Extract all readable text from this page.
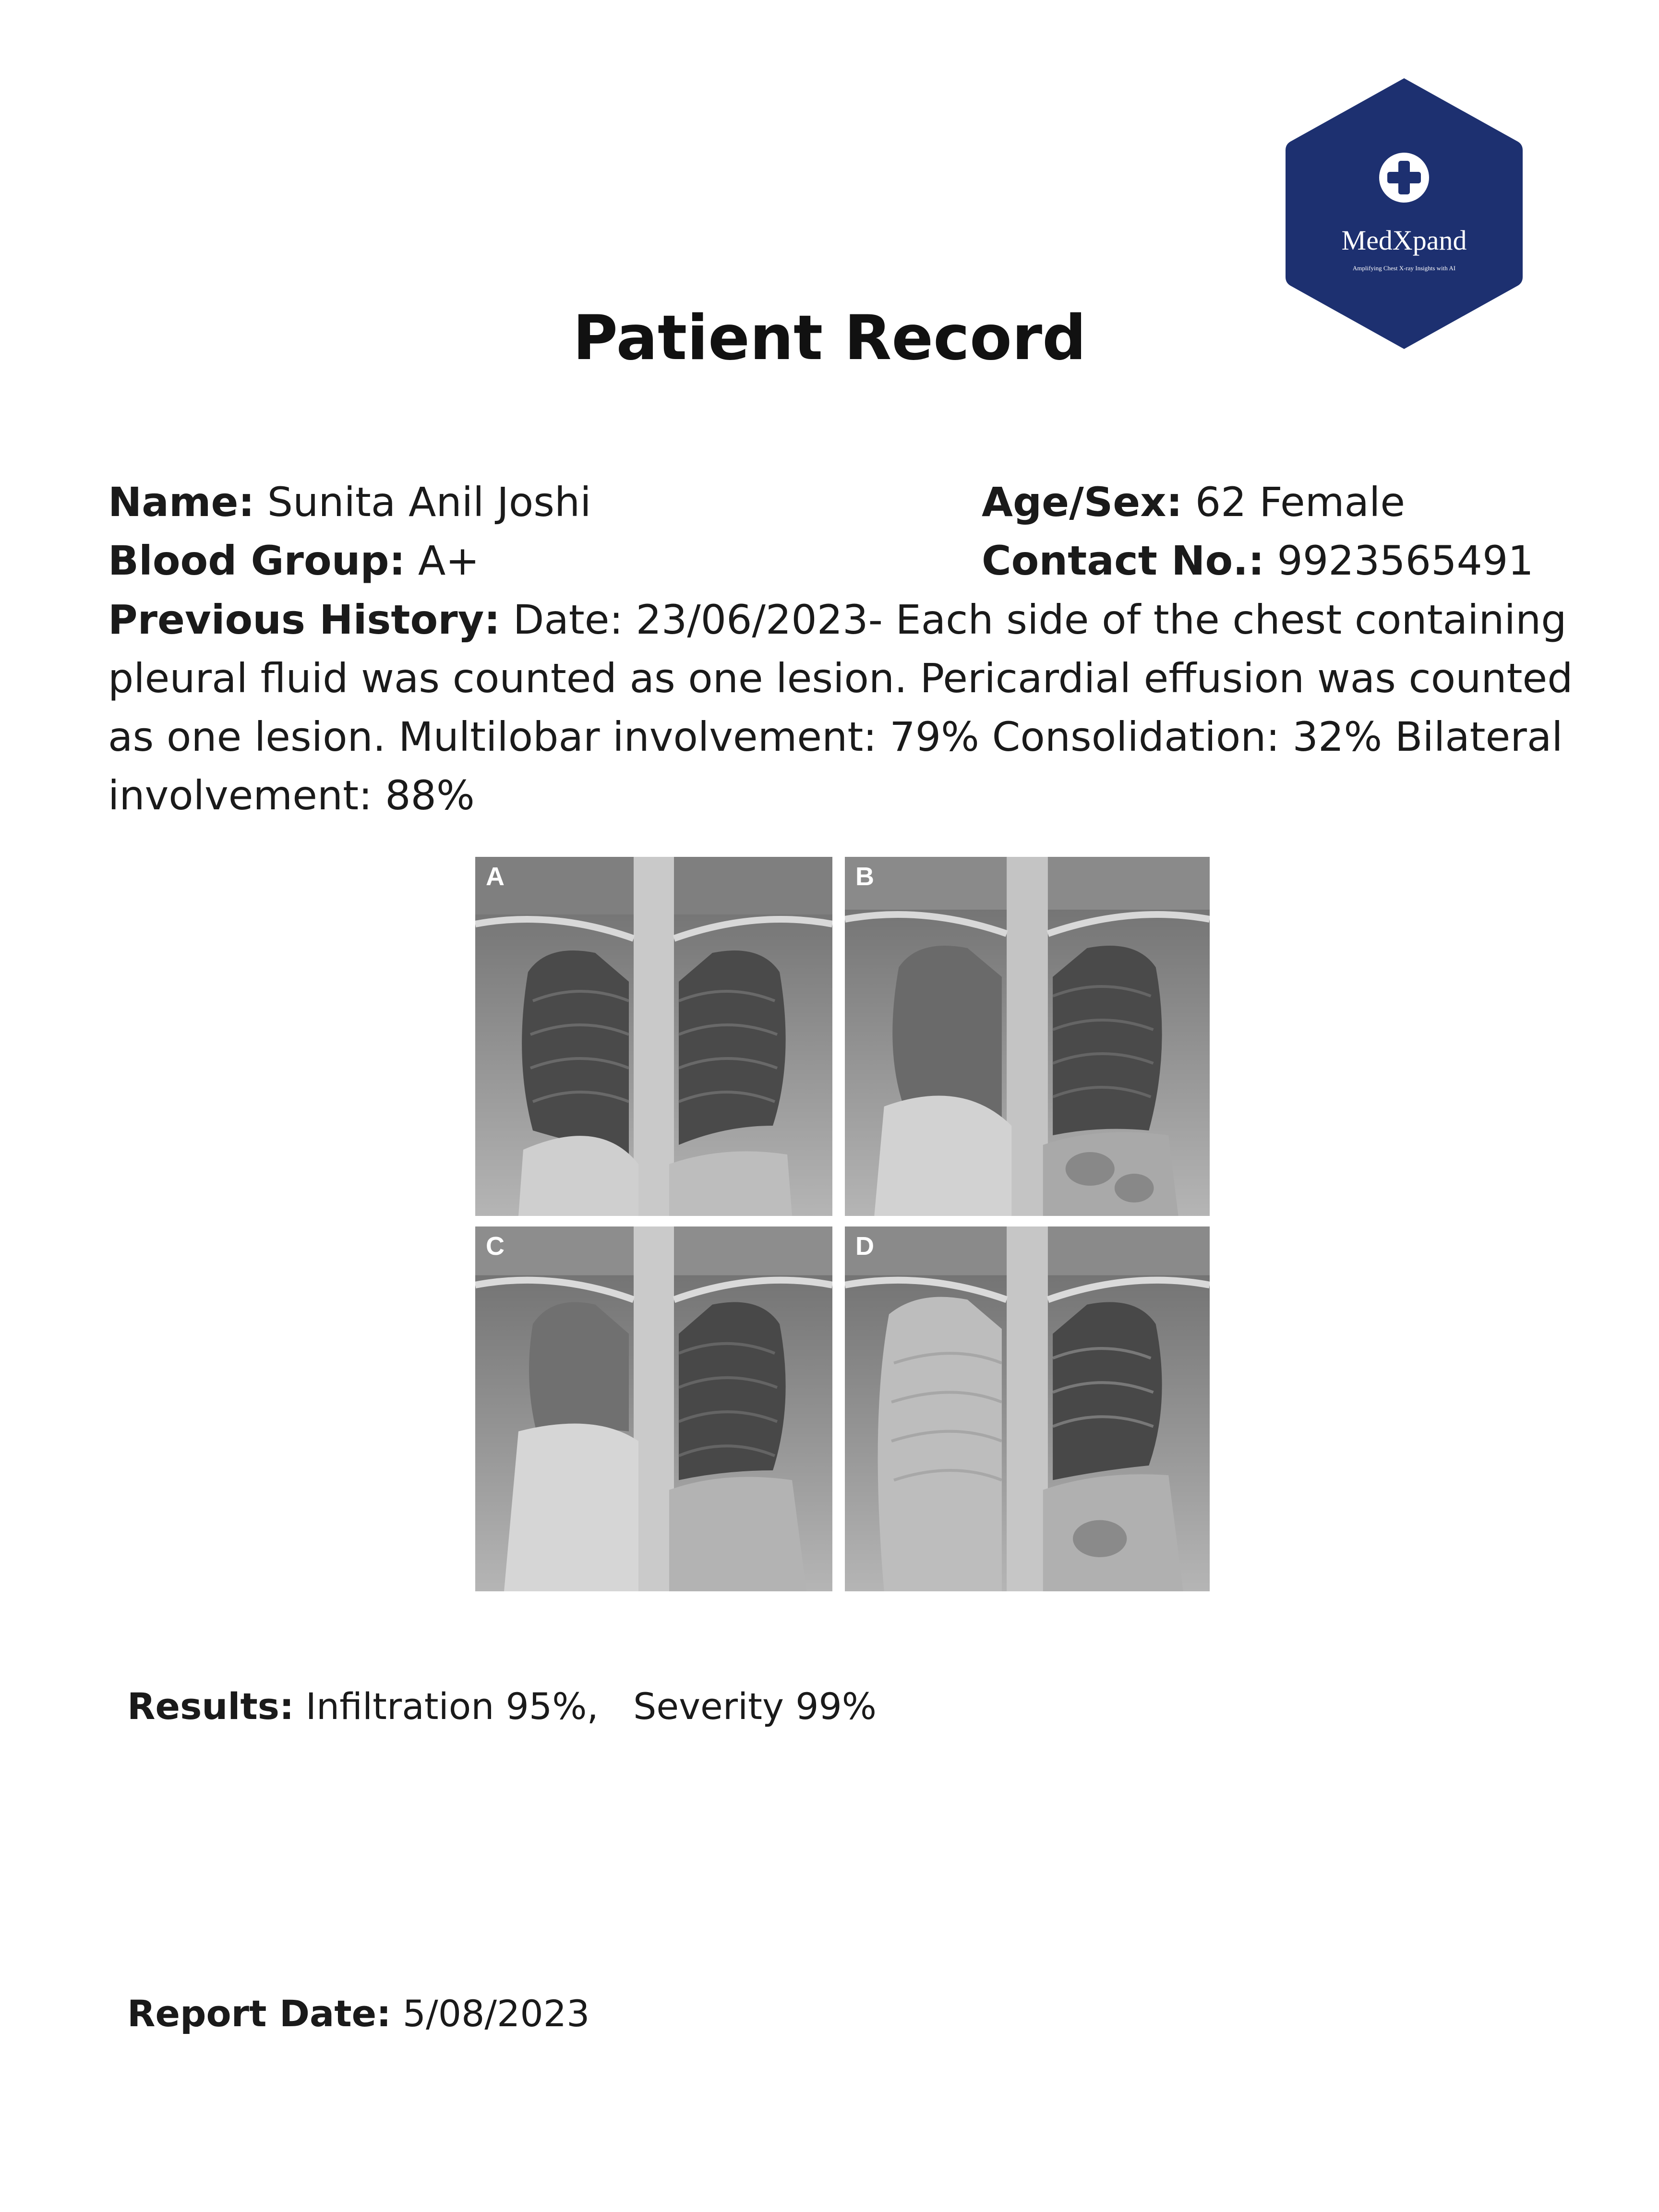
MedXpand
Amplifying Chest X-ray Insights with AI
Patient Record
Name: Sunita Anil Joshi	Age/Sex: 62 Female
Blood Group: A+	Contact No.: 9923565491
Previous History: Date: 23/06/2023- Each side of the chest containing pleural fluid was counted as one lesion. Pericardial effusion was counted as one lesion. Multilobar involvement: 79% Consolidation: 32% Bilateral involvement: 88%
A	B
C	D
Results: Infiltration 95%,   Severity 99%
Report Date: 5/08/2023
